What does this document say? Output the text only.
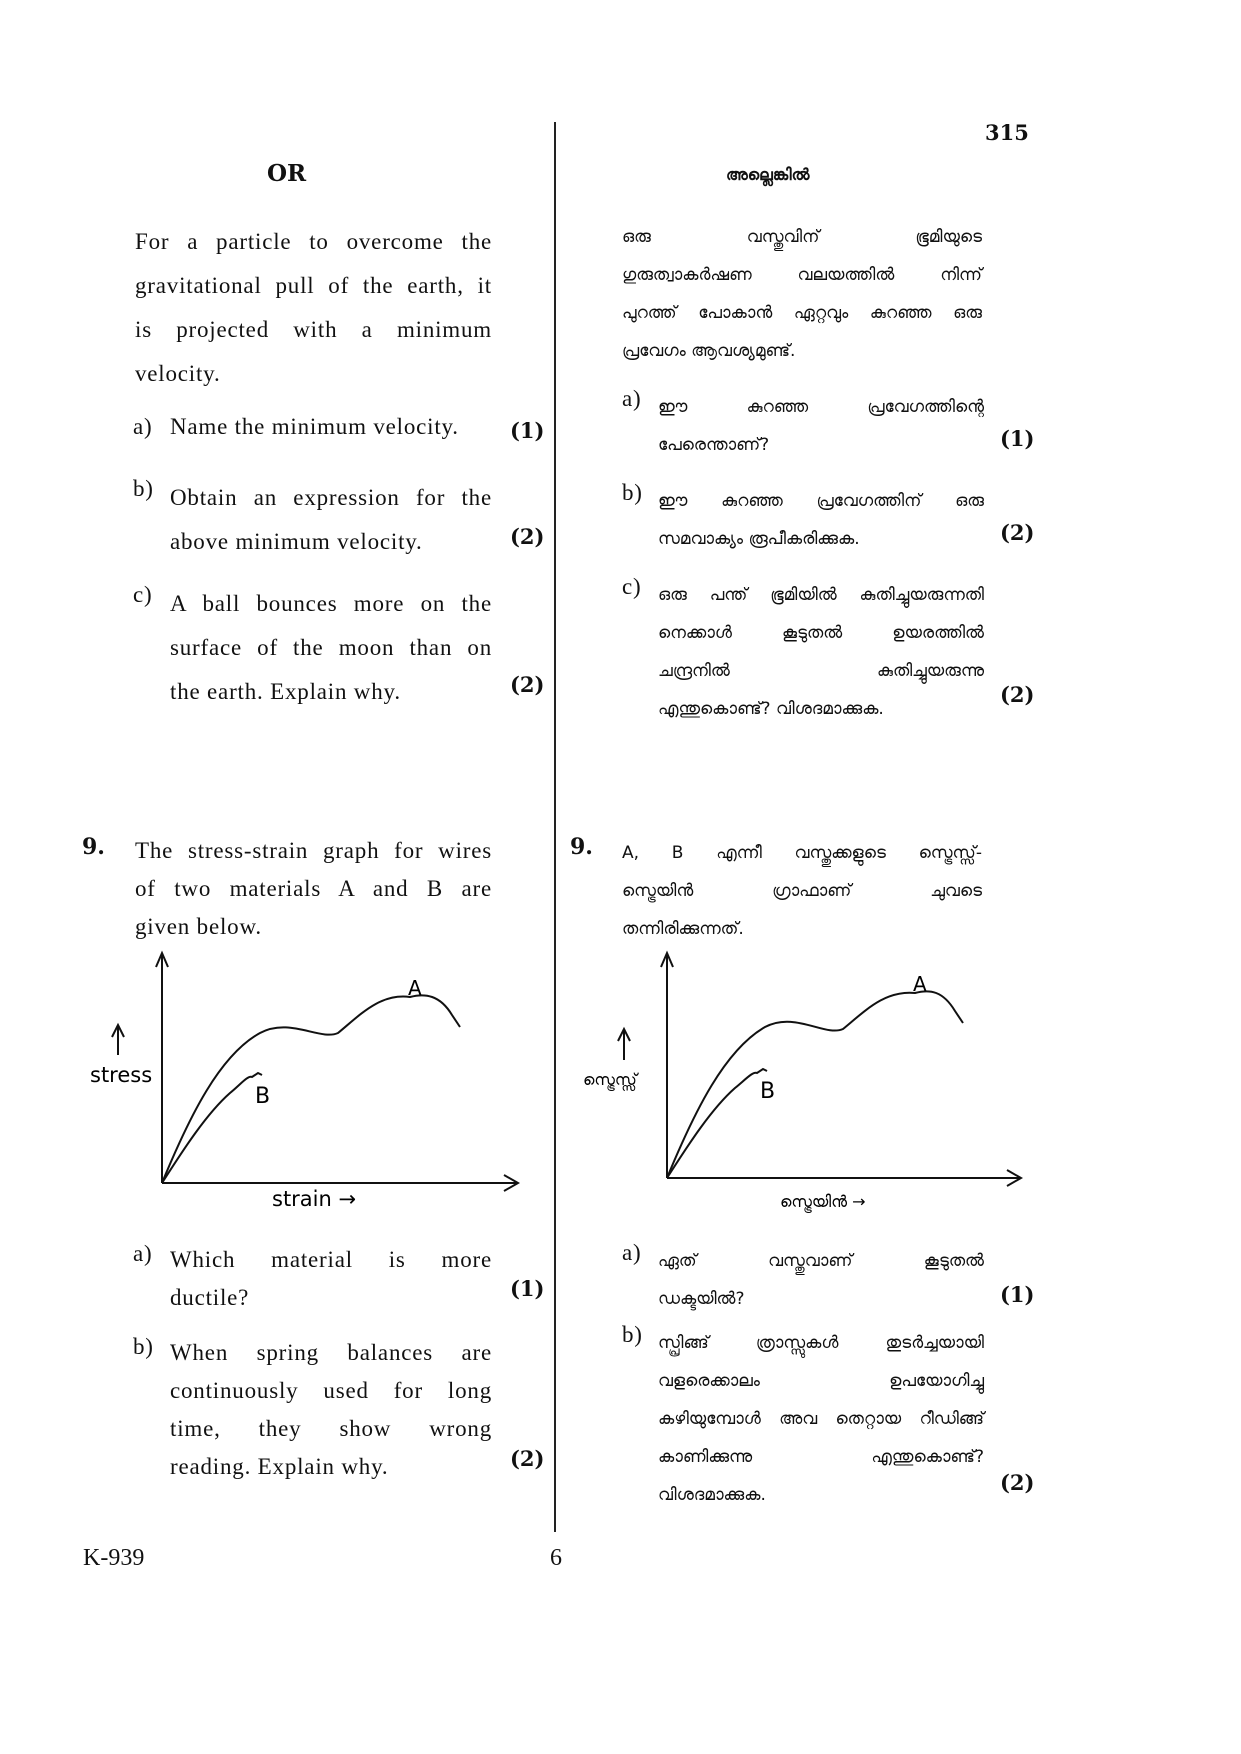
315
OR
For a particle to overcome the
gravitational pull of the earth, it
is projected with a minimum
velocity.
a) Name the minimum velocity. (1)
b) Obtain an expression for the
above minimum velocity.	(2)
c) A ball bounces more on the
surface of the moon than on
the earth. Explain why.	(2)
9. The stress-strain graph for wires
of two materials A and B are
given below.
stress
strain →
A
B
a) Which material is more
ductile?	(1)
b) When spring balances are
continuously used for long
time, they show wrong
reading. Explain why.	(2)
അല്ലെങ്കിൽ
ഒരു വസ്തുവിന് ഭൂമിയുടെ
ഗുരുത്വാകർഷണ വലയത്തിൽ നിന്ന്
പുറത്ത് പോകാൻ ഏറ്റവും കുറഞ്ഞ ഒരു
പ്രവേഗം ആവശ്യമുണ്ട്.
a) ഈ കുറഞ്ഞ പ്രവേഗത്തിന്റെ
പേരെന്താണ്?	(1)
b) ഈ കുറഞ്ഞ പ്രവേഗത്തിന് ഒരു
സമവാക്യം രൂപീകരിക്കുക.	(2)
c) ഒരു പന്ത് ഭൂമിയിൽ കുതിച്ചുയരുന്നതി
നെക്കാൾ കൂടുതൽ ഉയരത്തിൽ
ചന്ദ്രനിൽ കുതിച്ചുയരുന്നു
എന്തുകൊണ്ട്? വിശദമാക്കുക.
(2)
9. A, B എന്നീ വസ്തുക്കളുടെ സ്ട്രെസ്സ്-
സ്ട്രെയിൻ ഗ്രാഫാണ് ചുവടെ
തന്നിരിക്കുന്നത്.
സ്ട്രെസ്സ്
സ്ട്രെയിൻ →
A
B
a) ഏത് വസ്തുവാണ് കൂടുതൽ
ഡക്ടയിൽ?	(1)
b) സ്പ്രിങ്ങ് ത്രാസ്സുകൾ തുടർച്ചയായി
വളരെക്കാലം ഉപയോഗിച്ചു
കഴിയുമ്പോൾ അവ തെറ്റായ റീഡിങ്ങ്
കാണിക്കുന്നു എന്തുകൊണ്ട്?
വിശദമാക്കുക.	(2)
K-939	6
